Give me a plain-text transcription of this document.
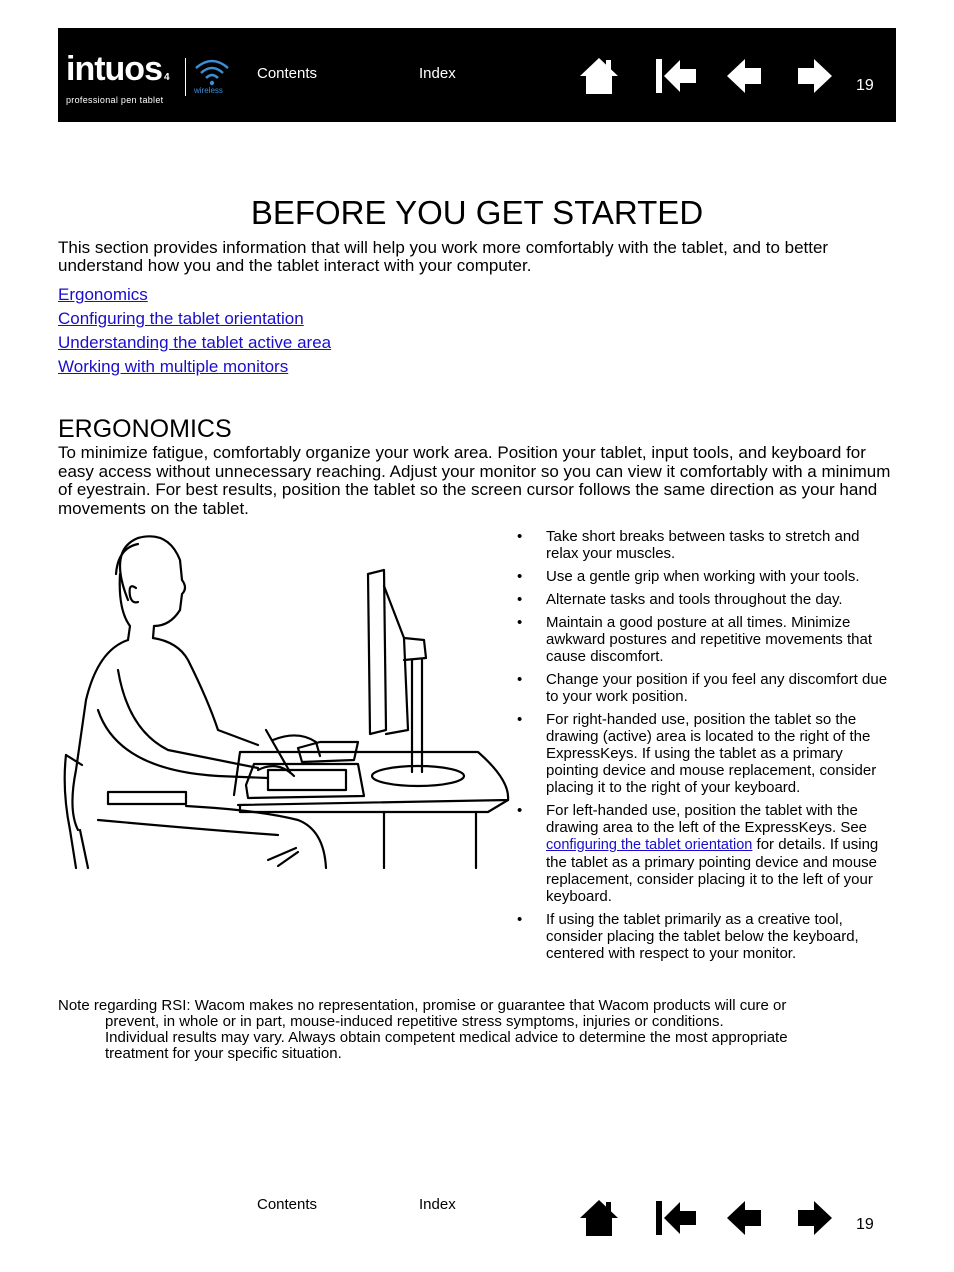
intuos 4
professional pen tablet
wireless
Contents	Index
19
BEFORE YOU GET STARTED

This section provides information that will help you work more comfortably with the tablet, and to better understand how you and the tablet interact with your computer.

Ergonomics
Configuring the tablet orientation
Understanding the tablet active area
Working with multiple monitors
ERGONOMICS

To minimize fatigue, comfortably organize your work area. Position your tablet, input tools, and keyboard for easy access without unnecessary reaching. Adjust your monitor so you can view it comfortably with a minimum of eyestrain. For best results, position the tablet so the screen cursor follows the same direction as your hand movements on the tablet.

• Take short breaks between tasks to stretch and relax your muscles.
• Use a gentle grip when working with your tools.
• Alternate tasks and tools throughout the day.
• Maintain a good posture at all times. Minimize awkward postures and repetitive movements that cause discomfort.
• Change your position if you feel any discomfort due to your work position.
• For right-handed use, position the tablet so the drawing (active) area is located to the right of the ExpressKeys. If using the tablet as a primary pointing device and mouse replacement, consider placing it to the right of your keyboard.
• For left-handed use, position the tablet with the drawing area to the left of the ExpressKeys. See configuring the tablet orientation for details. If using the tablet as a primary pointing device and mouse replacement, consider placing it to the left of your keyboard.
• If using the tablet primarily as a creative tool, consider placing the tablet below the keyboard, centered with respect to your monitor.
Note regarding RSI: Wacom makes no representation, promise or guarantee that Wacom products will cure or
prevent, in whole or in part, mouse-induced repetitive stress symptoms, injuries or conditions.
Individual results may vary. Always obtain competent medical advice to determine the most appropriate
treatment for your specific situation.
Contents	Index
19
